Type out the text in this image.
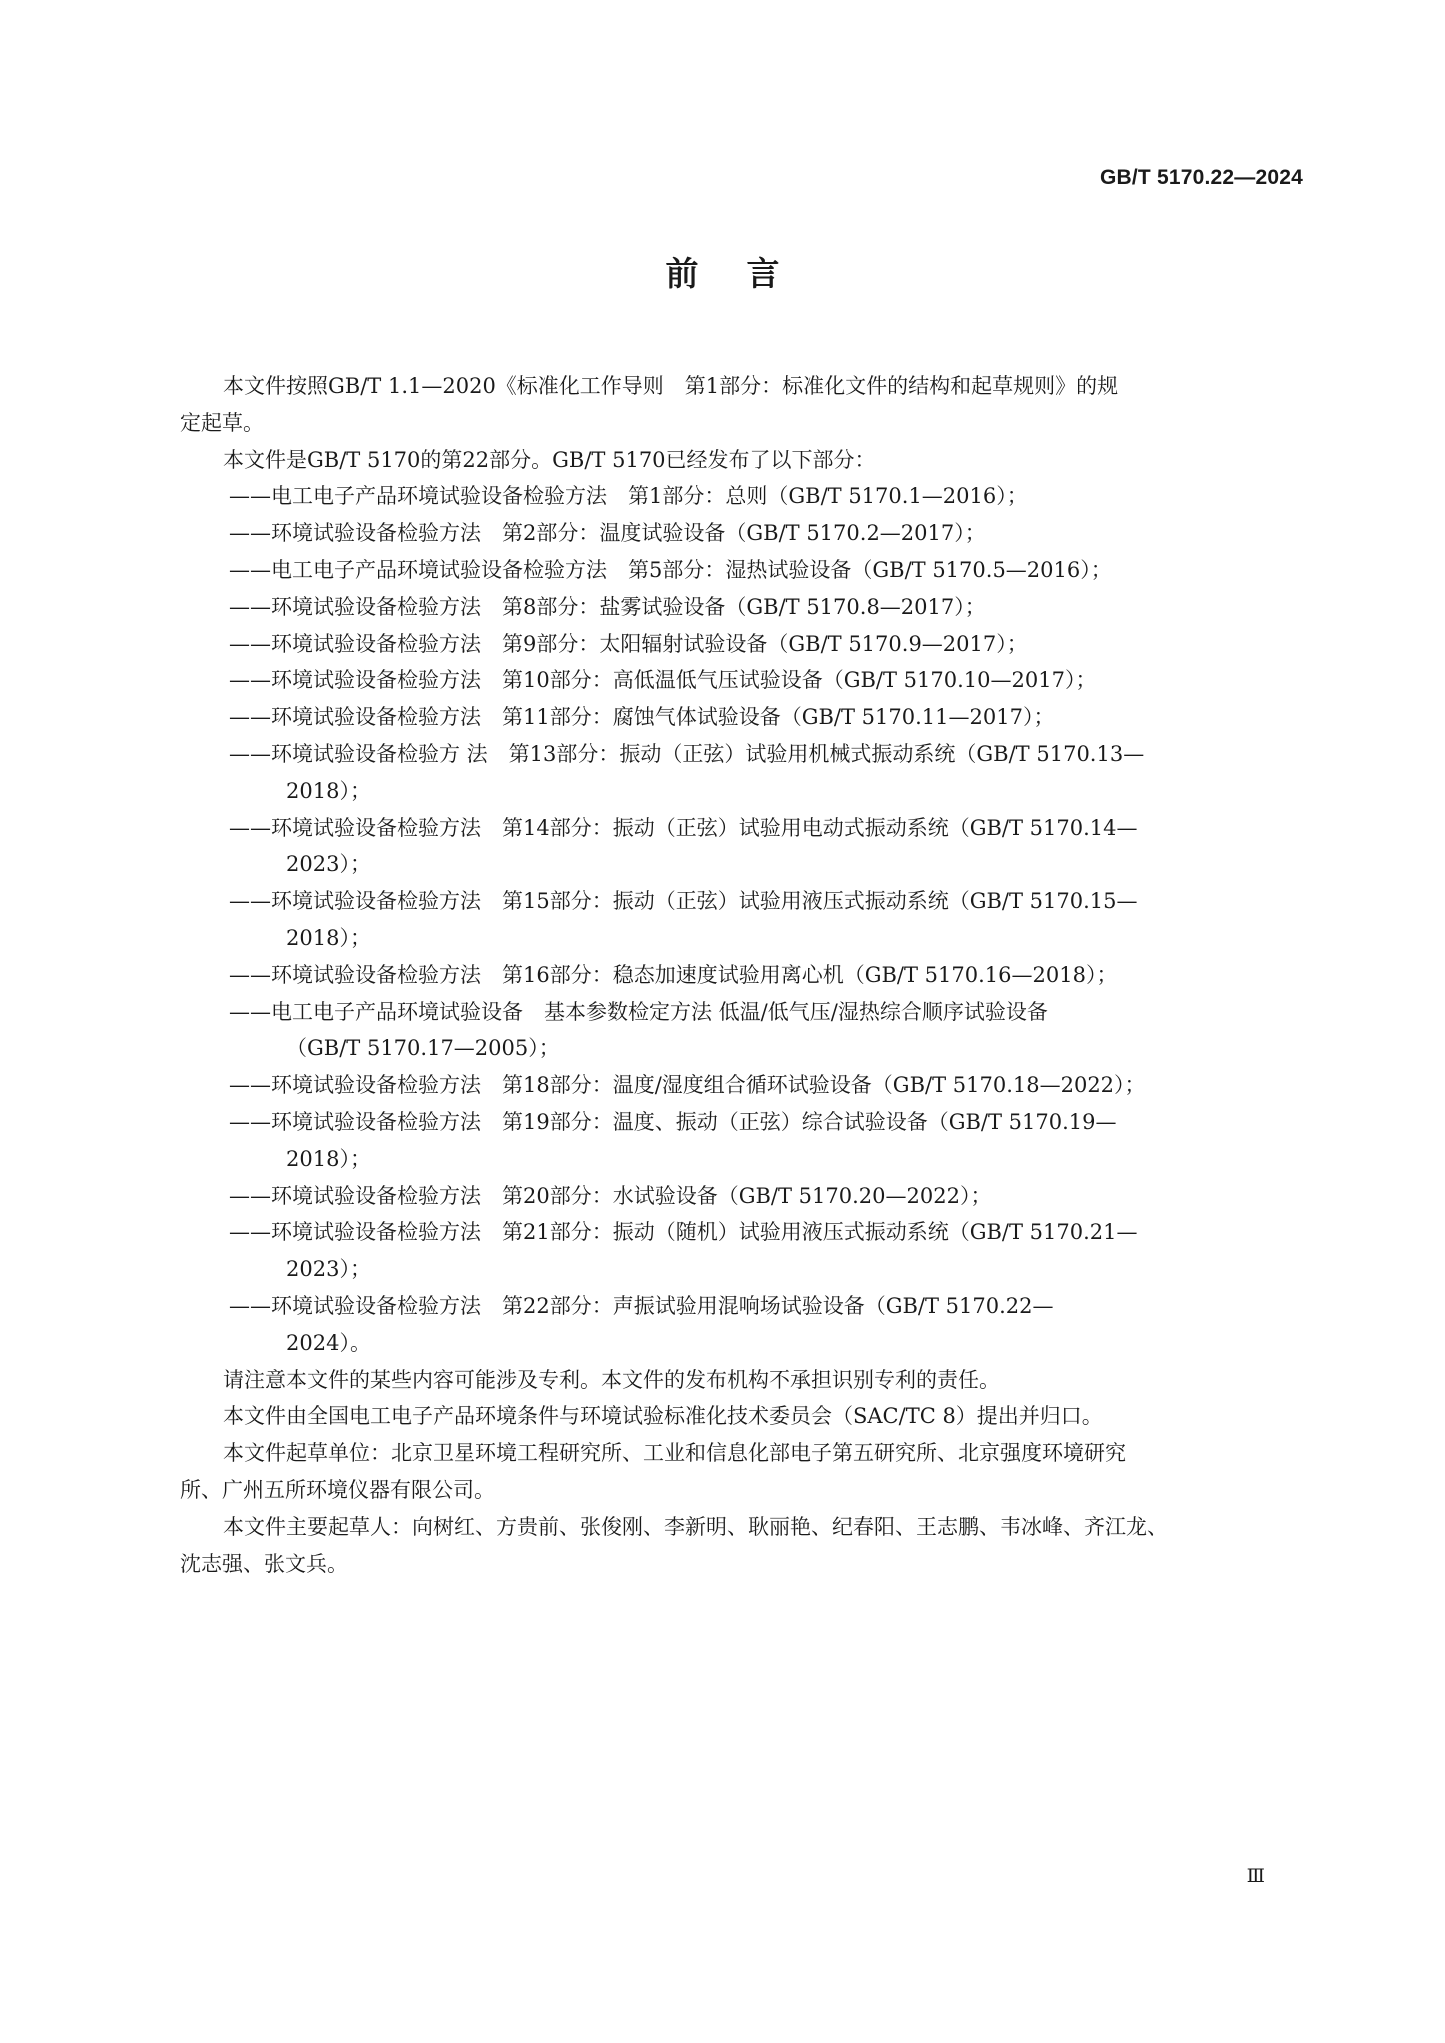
GB/T 5170.22—2024
前言

本文件按照GB/T 1.1—2020《标准化工作导则　第1部分：标准化文件的结构和起草规则》的规
定起草。

本文件是GB/T 5170的第22部分。GB/T 5170已经发布了以下部分：

——电工电子产品环境试验设备检验方法　第1部分：总则（GB/T 5170.1—2016）；

——环境试验设备检验方法　第2部分：温度试验设备（GB/T 5170.2—2017）；

——电工电子产品环境试验设备检验方法　第5部分：湿热试验设备（GB/T 5170.5—2016）；

——环境试验设备检验方法　第8部分：盐雾试验设备（GB/T 5170.8—2017）；

——环境试验设备检验方法　第9部分：太阳辐射试验设备（GB/T 5170.9—2017）；

——环境试验设备检验方法　第10部分：高低温低气压试验设备（GB/T 5170.10—2017）；

——环境试验设备检验方法　第11部分：腐蚀气体试验设备（GB/T 5170.11—2017）；

——环境试验设备检验方 法　第13部分：振动（正弦）试验用机械式振动系统（GB/T 5170.13—
2018）；

——环境试验设备检验方法　第14部分：振动（正弦）试验用电动式振动系统（GB/T 5170.14—
2023）；

——环境试验设备检验方法　第15部分：振动（正弦）试验用液压式振动系统（GB/T 5170.15—
2018）；

——环境试验设备检验方法　第16部分：稳态加速度试验用离心机（GB/T 5170.16—2018）；

——电工电子产品环境试验设备　基本参数检定方法 低温/低气压/湿热综合顺序试验设备
（GB/T 5170.17—2005）；

——环境试验设备检验方法　第18部分：温度/湿度组合循环试验设备（GB/T 5170.18—2022）；

——环境试验设备检验方法　第19部分：温度、振动（正弦）综合试验设备（GB/T 5170.19—
2018）；

——环境试验设备检验方法　第20部分：水试验设备（GB/T 5170.20—2022）；

——环境试验设备检验方法　第21部分：振动（随机）试验用液压式振动系统（GB/T 5170.21—
2023）；

——环境试验设备检验方法　第22部分：声振试验用混响场试验设备（GB/T 5170.22—
2024）。

请注意本文件的某些内容可能涉及专利。本文件的发布机构不承担识别专利的责任。

本文件由全国电工电子产品环境条件与环境试验标准化技术委员会（SAC/TC 8）提出并归口。

本文件起草单位：北京卫星环境工程研究所、工业和信息化部电子第五研究所、北京强度环境研究
所、广州五所环境仪器有限公司。

本文件主要起草人：向树红、方贵前、张俊刚、李新明、耿丽艳、纪春阳、王志鹏、韦冰峰、齐江龙、
沈志强、张文兵。

Ⅲ
